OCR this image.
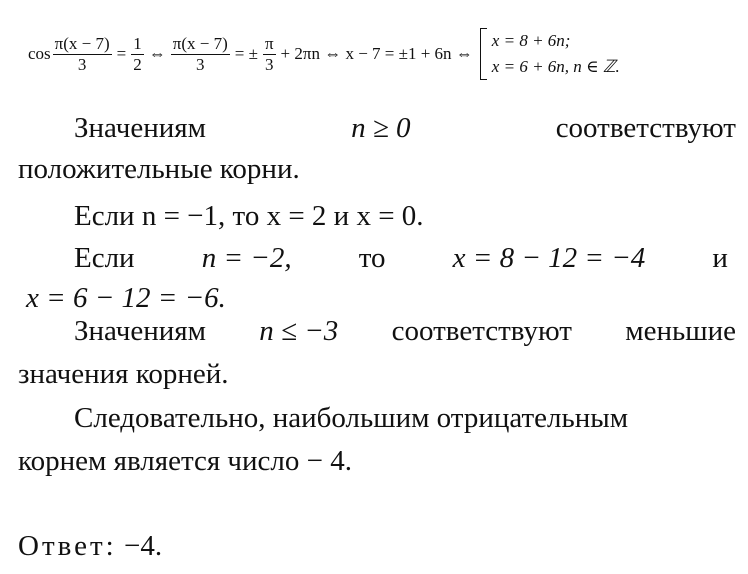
$\cos \frac{\pi(x - 7)}{3} = \frac{1}{2}$ ⇔ $\frac{\pi(x - 7)}{3}$ = ± $\frac{\pi}{3} + 2\pi n$ ⇔ x − 7 = ±1 + 6n ⇔
x = 8 + 6n;
x = 6 + 6n, n ∈ ℤ.
Значениям	n ≥ 0	соответствуют
положительные корни.
Если n = −1, то x = 2 и x = 0.
Если n = −2, то x = 8 − 12 = −4 и
x = 6 − 12 = −6.
Значениям n ≤ −3 соответствуют меньшие
значения корней.
Следовательно, наибольшим отрицательным
корнем является число − 4.
Ответ: −4.
